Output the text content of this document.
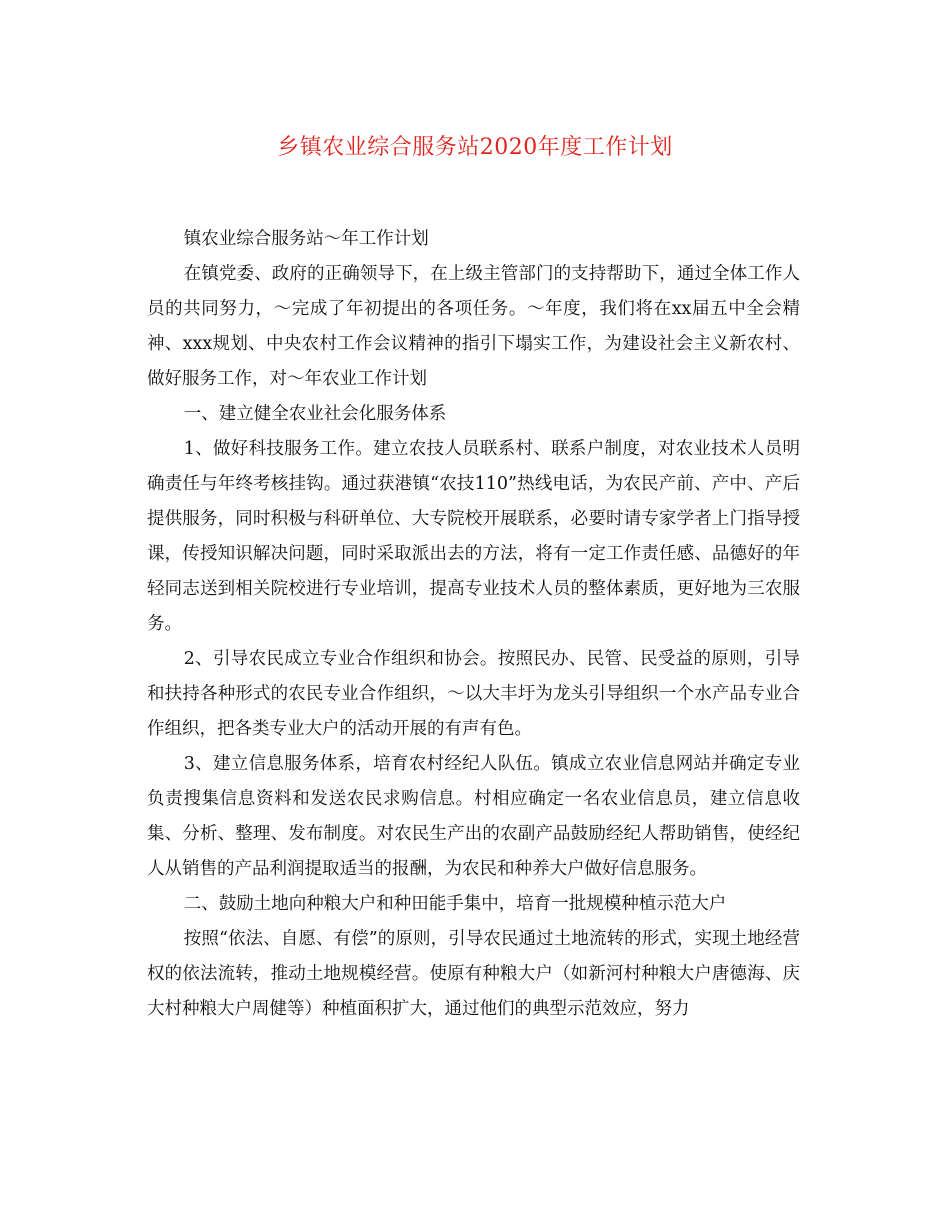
乡镇农业综合服务站2020年度工作计划

镇农业综合服务站～年工作计划

在镇党委、政府的正确领导下，在上级主管部门的支持帮助下，通过全体工作人员的共同努力，～完成了年初提出的各项任务。～年度，我们将在xx届五中全会精神、xxx规划、中央农村工作会议精神的指引下塌实工作，为建设社会主义新农村、做好服务工作，对～年农业工作计划

一、建立健全农业社会化服务体系

1、做好科技服务工作。建立农技人员联系村、联系户制度，对农业技术人员明确责任与年终考核挂钩。通过获港镇“农技110”热线电话，为农民产前、产中、产后提供服务，同时积极与科研单位、大专院校开展联系，必要时请专家学者上门指导授课，传授知识解决问题，同时采取派出去的方法，将有一定工作责任感、品德好的年轻同志送到相关院校进行专业培训，提高专业技术人员的整体素质，更好地为三农服务。

2、引导农民成立专业合作组织和协会。按照民办、民管、民受益的原则，引导和扶持各种形式的农民专业合作组织，～以大丰圩为龙头引导组织一个水产品专业合作组织，把各类专业大户的活动开展的有声有色。

3、建立信息服务体系，培育农村经纪人队伍。镇成立农业信息网站并确定专业负责搜集信息资料和发送农民求购信息。村相应确定一名农业信息员，建立信息收集、分析、整理、发布制度。对农民生产出的农副产品鼓励经纪人帮助销售，使经纪人从销售的产品利润提取适当的报酬，为农民和种养大户做好信息服务。

二、鼓励土地向种粮大户和种田能手集中，培育一批规模种植示范大户

按照“依法、自愿、有偿”的原则，引导农民通过土地流转的形式，实现土地经营权的依法流转，推动土地规模经营。使原有种粮大户（如新河村种粮大户唐德海、庆大村种粮大户周健等）种植面积扩大，通过他们的典型示范效应，努力
